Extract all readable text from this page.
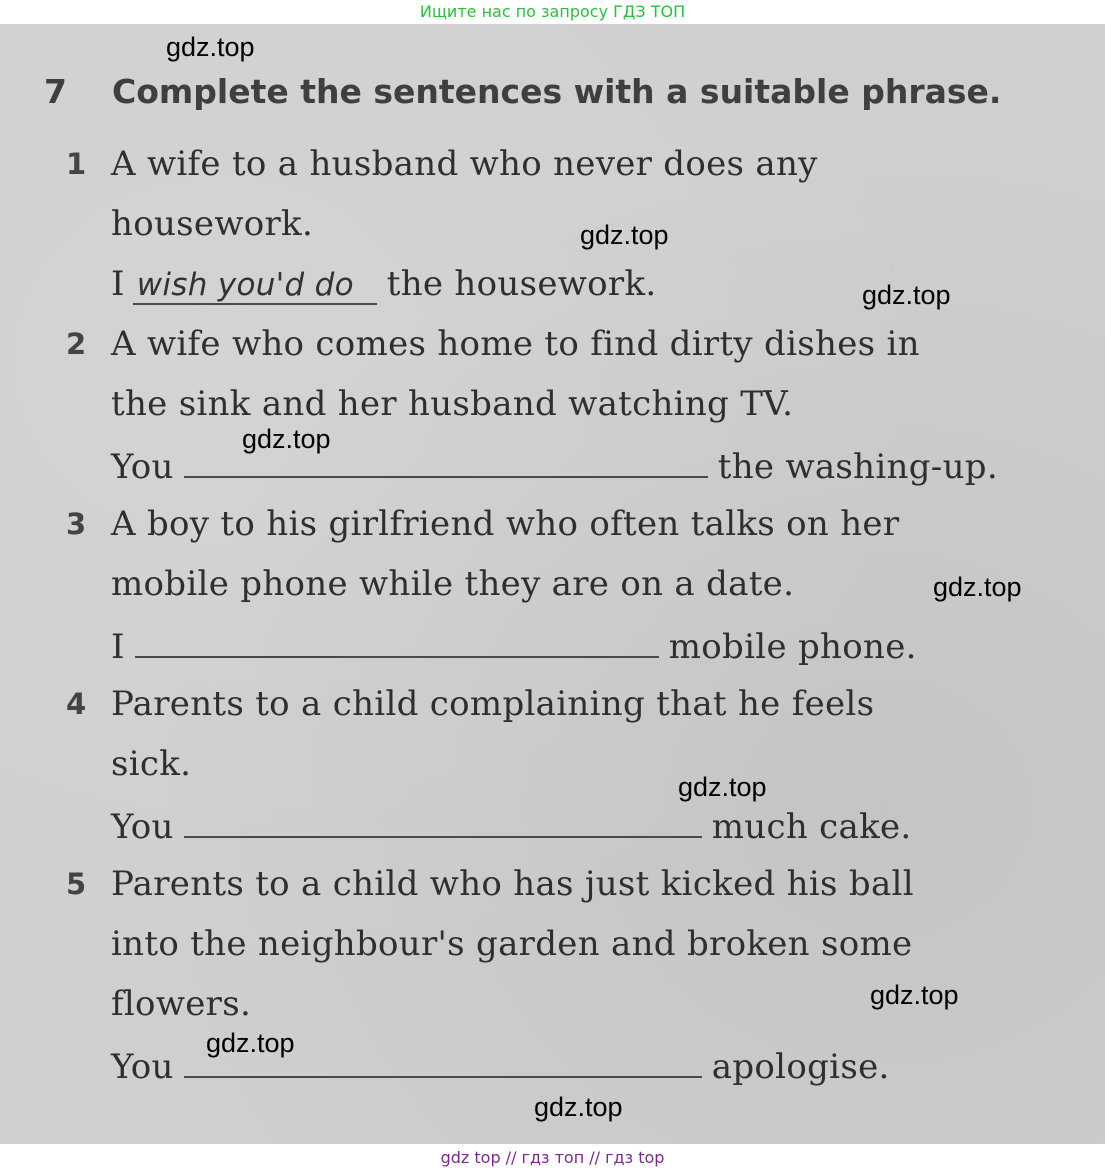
Ищите нас по запросу ГДЗ ТОП
7 Complete the sentences with a suitable phrase.
1 A wife to a husband who never does any
housework.
I wish you'd do the housework.
2 A wife who comes home to find dirty dishes in
the sink and her husband watching TV.
You	the washing-up.
3 A boy to his girlfriend who often talks on her
mobile phone while they are on a date.
I	mobile phone.
4 Parents to a child complaining that he feels
sick.
You	much cake.
5 Parents to a child who has just kicked his ball
into the neighbour's garden and broken some
flowers.
You	apologise.
gdz.top
gdz.top
gdz.top
gdz.top
gdz.top
gdz.top
gdz.top
gdz.top
gdz.top
gdz top // гдз топ // гдз top
